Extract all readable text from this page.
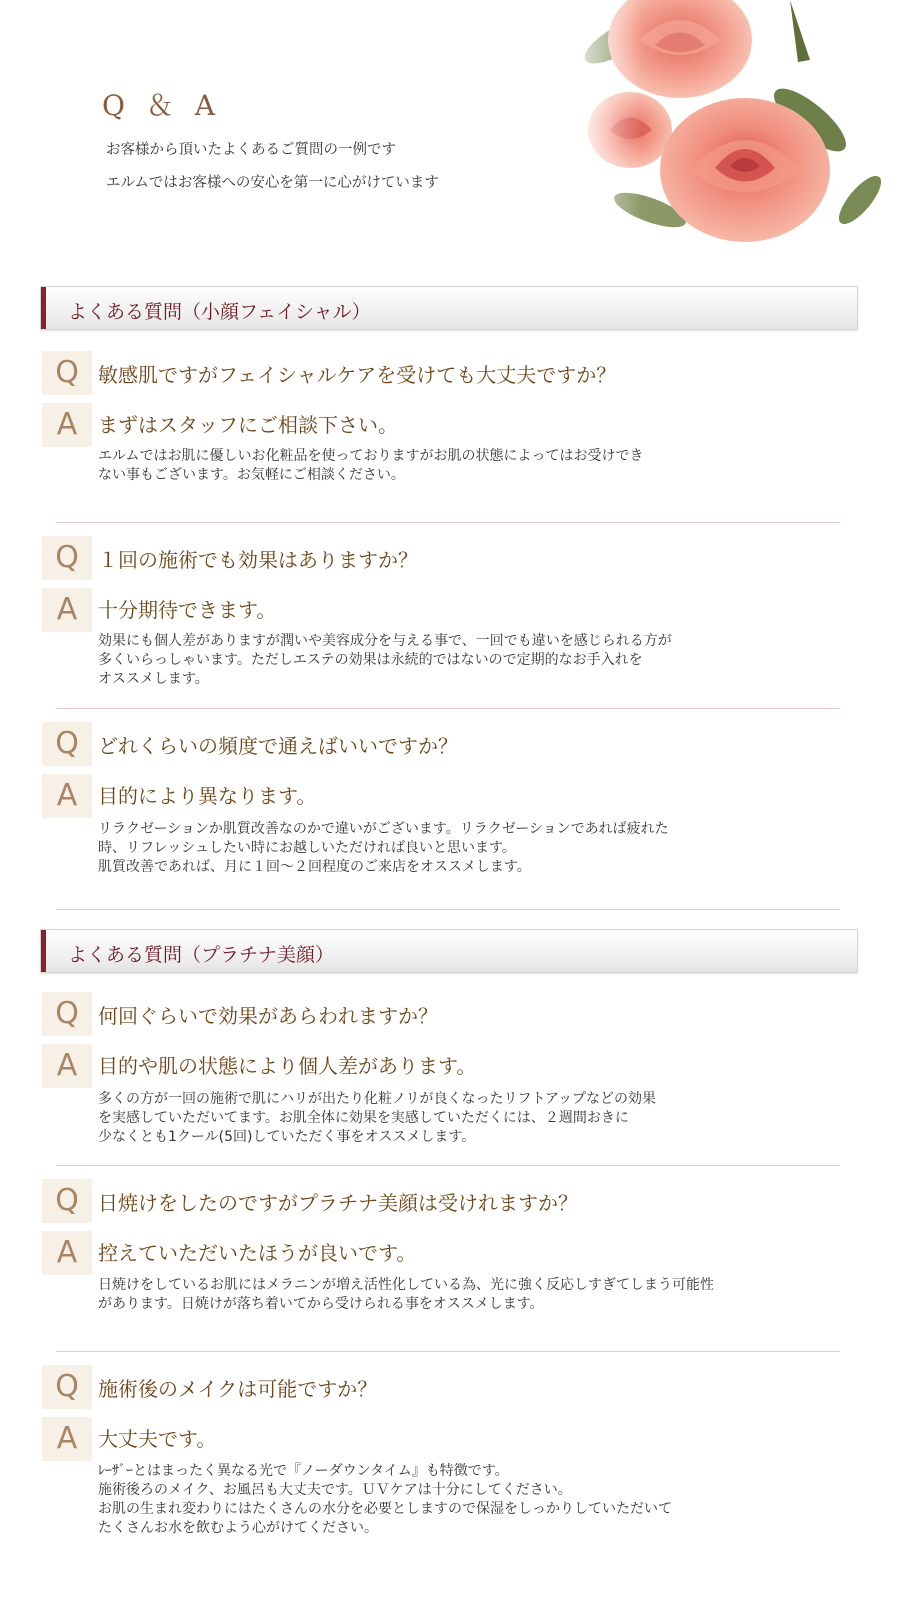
Q ＆ A
お客様から頂いたよくあるご質問の一例です
エルムではお客様への安心を第一に心がけています
よくある質問（小顔フェイシャル）
Q 敏感肌ですがフェイシャルケアを受けても大丈夫ですか？
A	まずはスタッフにご相談下さい。
エルムではお肌に優しいお化粧品を使っておりますがお肌の状態によってはお受けでき
ない事もございます。お気軽にご相談ください。
Q １回の施術でも効果はありますか？
A	十分期待できます。
効果にも個人差がありますが潤いや美容成分を与える事で、一回でも違いを感じられる方が
多くいらっしゃいます。ただしエステの効果は永続的ではないので定期的なお手入れを
オススメします。
Q どれくらいの頻度で通えばいいですか？
A	目的により異なります。
リラクゼーションか肌質改善なのかで違いがございます。リラクゼーションであれば疲れた
時、リフレッシュしたい時にお越しいただければ良いと思います。
肌質改善であれば、月に１回～２回程度のご来店をオススメします。
よくある質問（プラチナ美顔）
Q 何回ぐらいで効果があらわれますか？
A	目的や肌の状態により個人差があります。
多くの方が一回の施術で肌にハリが出たり化粧ノリが良くなったリフトアップなどの効果
を実感していただいてます。お肌全体に効果を実感していただくには、２週間おきに
少なくとも1クール(5回)していただく事をオススメします。
Q 日焼けをしたのですがプラチナ美顔は受けれますか？
A	控えていただいたほうが良いです。
日焼けをしているお肌にはメラニンが増え活性化している為、光に強く反応しすぎてしまう可能性
があります。日焼けが落ち着いてから受けられる事をオススメします。
Q 施術後のメイクは可能ですか？
A	大丈夫です。
ﾚｰｻﾞｰとはまったく異なる光で『ノーダウンタイム』も特徴です。
施術後ろのメイク、お風呂も大丈夫です。ＵＶケアは十分にしてください。
お肌の生まれ変わりにはたくさんの水分を必要としますので保湿をしっかりしていただいて
たくさんお水を飲むよう心がけてください。
